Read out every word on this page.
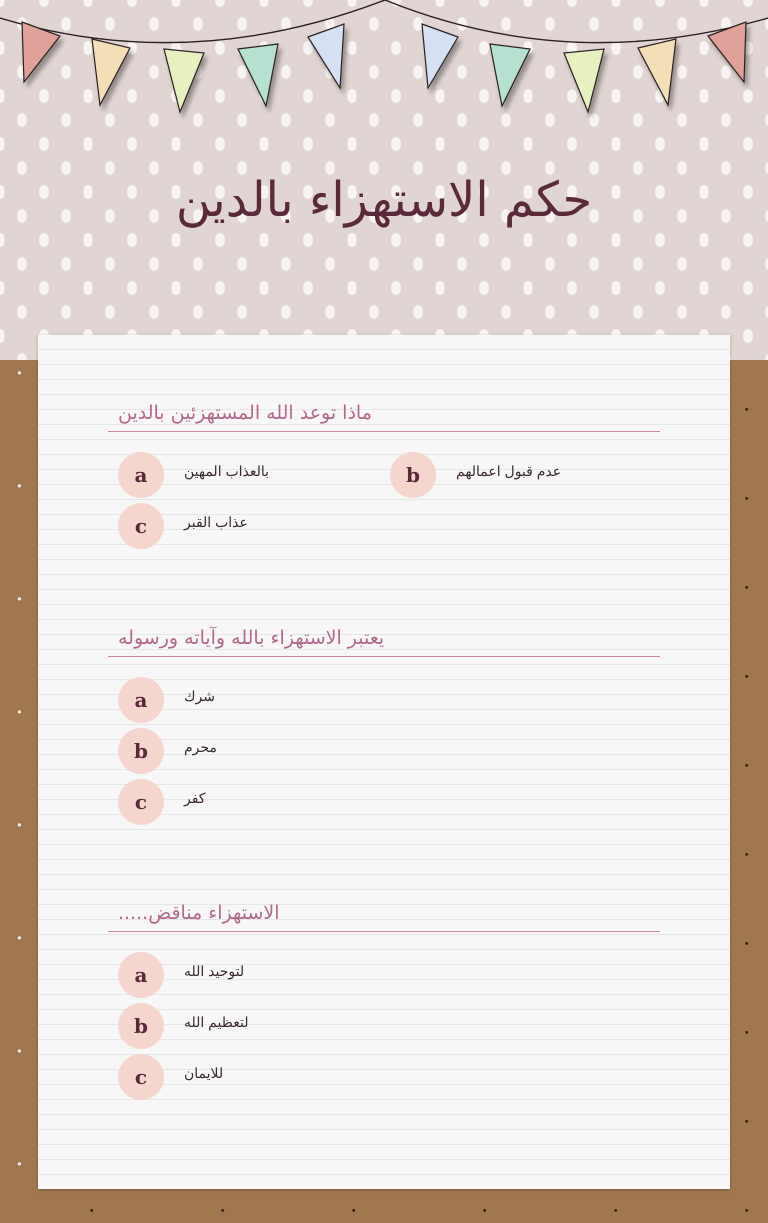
حكم الاستهزاء بالدين
ماذا توعد الله المستهزئين بالدين
a	بالعذاب المهين	b	عدم قبول اعمالهم
c	عذاب القبر
يعتبر الاستهزاء بالله وآياته ورسوله
a	شرك
b	محرم
c	كفر
الاستهزاء مناقض.....
a	لتوحيد الله
b	لتعظيم الله
c	للايمان
